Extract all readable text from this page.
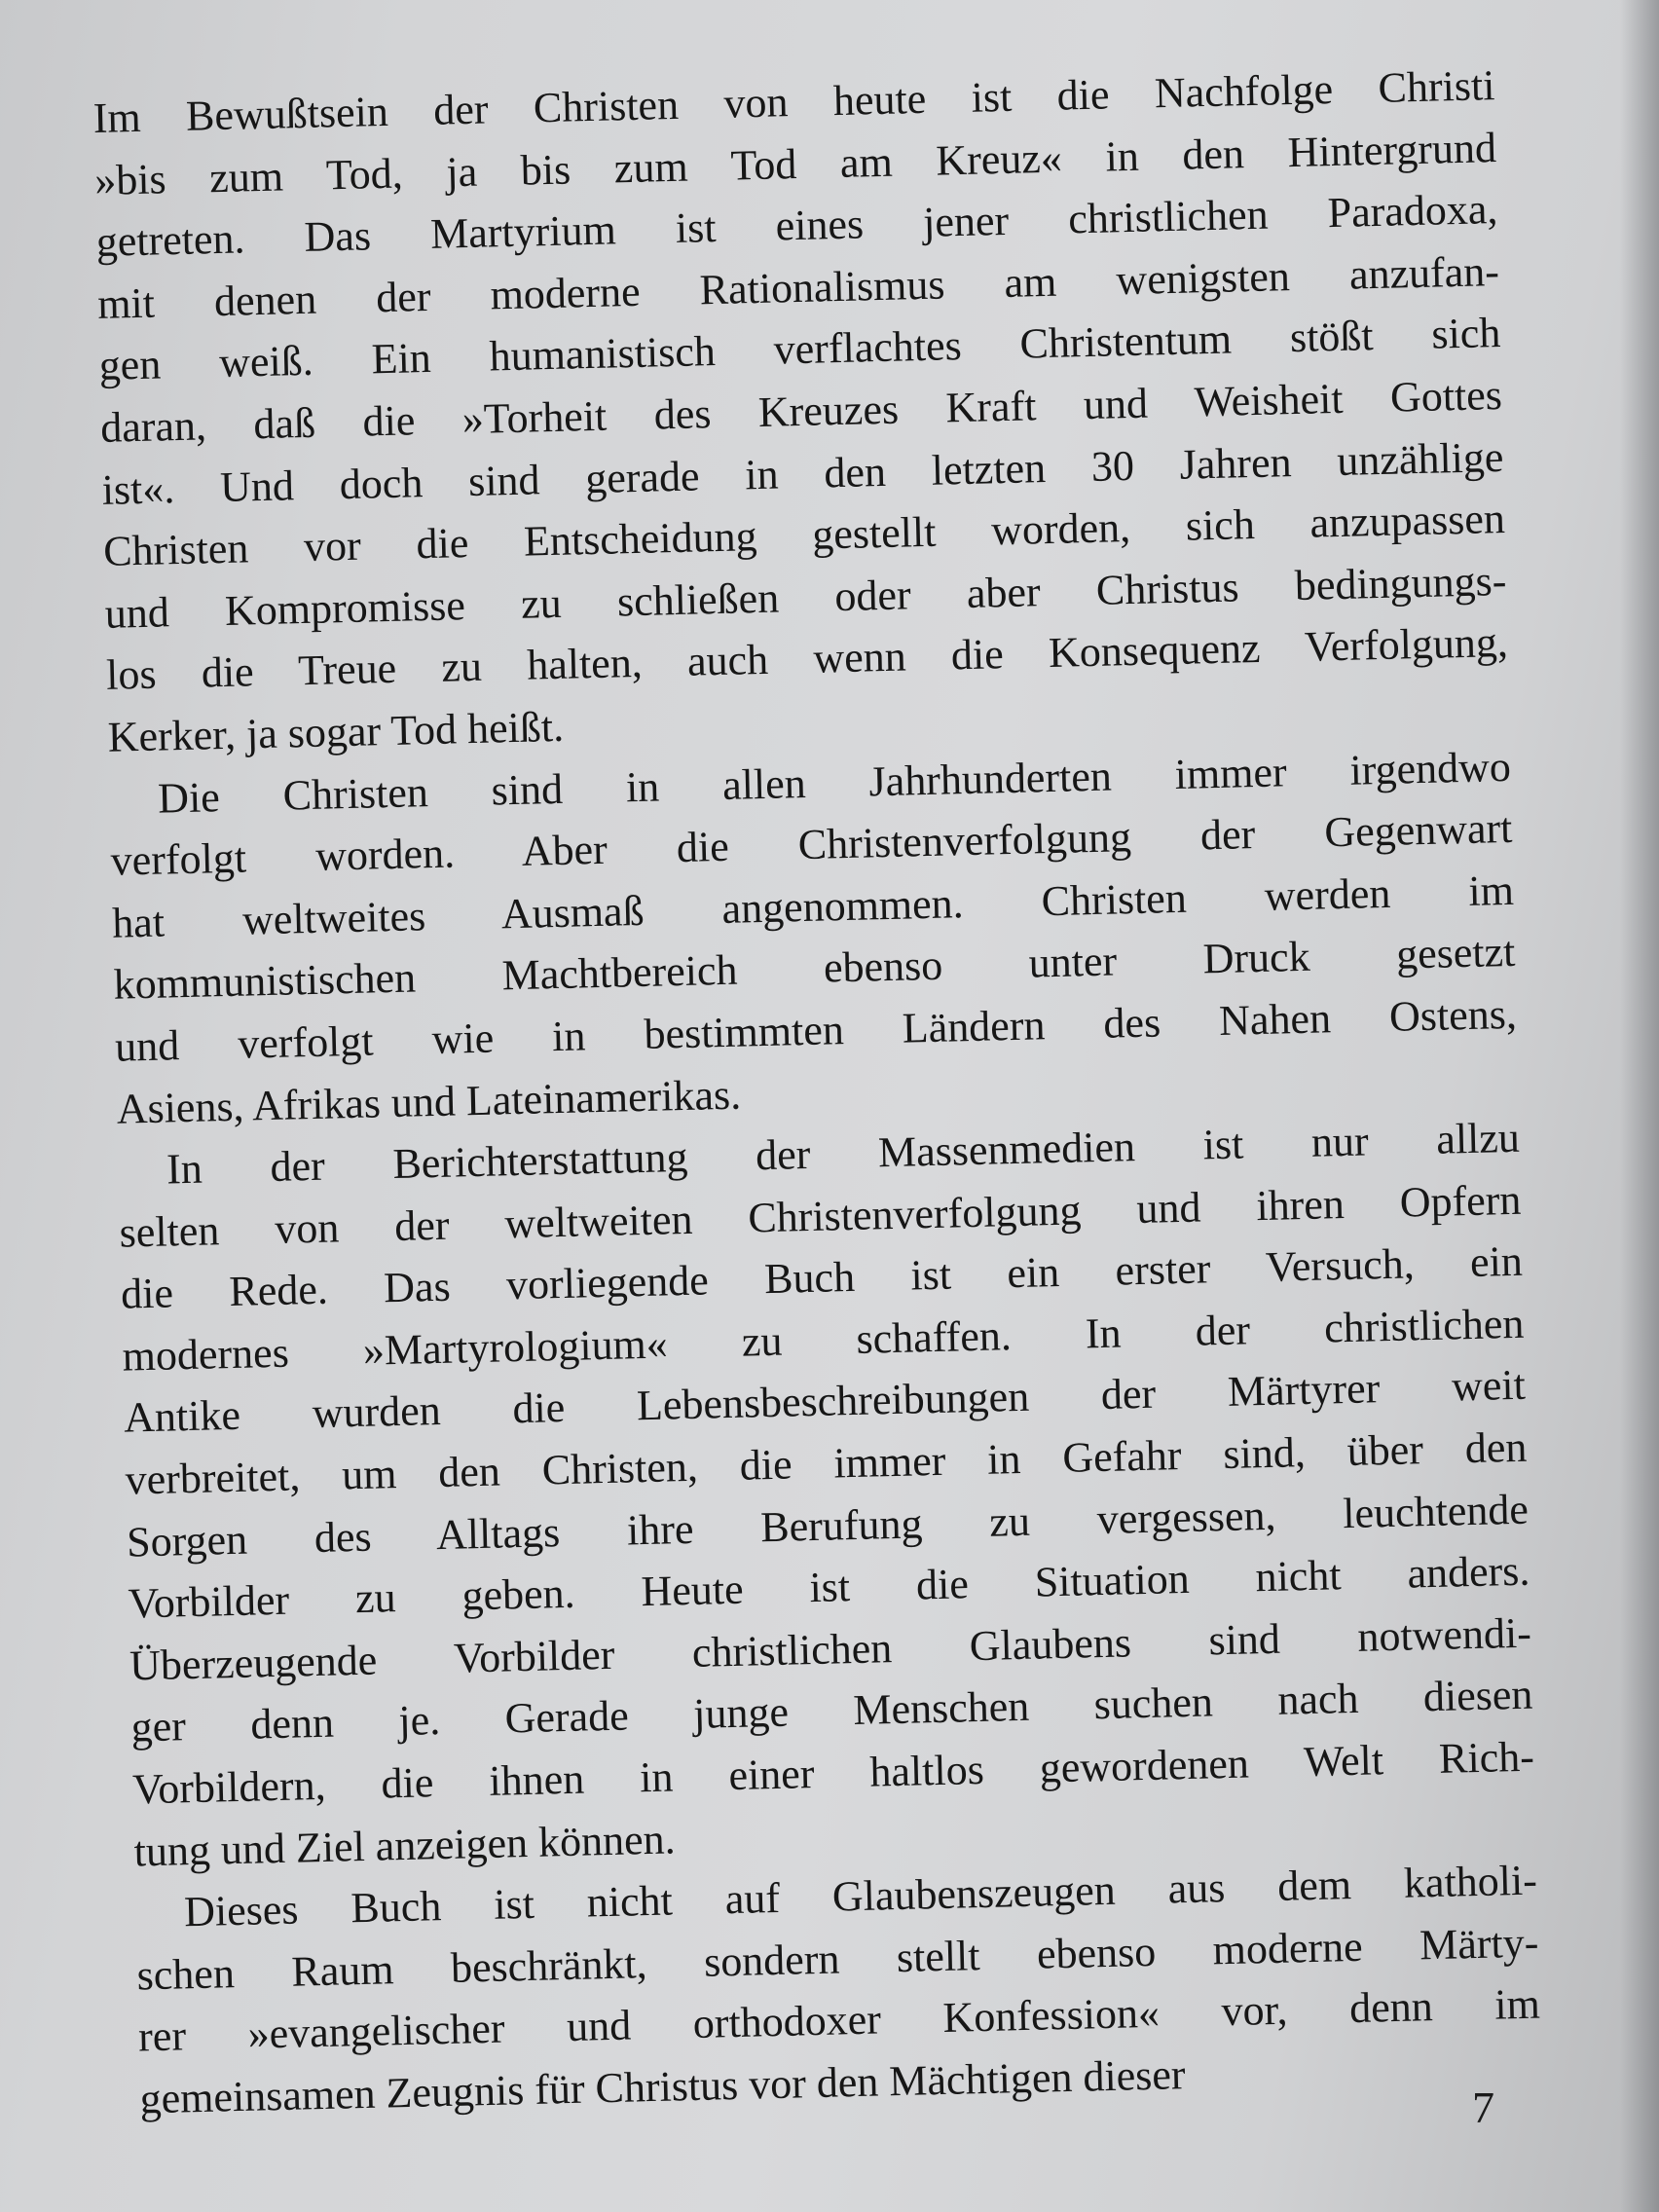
Im Bewußtsein der Christen von heute ist die Nachfolge Christi
»bis zum Tod, ja bis zum Tod am Kreuz« in den Hintergrund
getreten. Das Martyrium ist eines jener christlichen Paradoxa,
mit denen der moderne Rationalismus am wenigsten anzufan-
gen weiß. Ein humanistisch verflachtes Christentum stößt sich
daran, daß die »Torheit des Kreuzes Kraft und Weisheit Gottes
ist«. Und doch sind gerade in den letzten 30 Jahren unzählige
Christen vor die Entscheidung gestellt worden, sich anzupassen
und Kompromisse zu schließen oder aber Christus bedingungs-
los die Treue zu halten, auch wenn die Konsequenz Verfolgung,
Kerker, ja sogar Tod heißt.
Die Christen sind in allen Jahrhunderten immer irgendwo
verfolgt worden. Aber die Christenverfolgung der Gegenwart
hat weltweites Ausmaß angenommen. Christen werden im
kommunistischen Machtbereich ebenso unter Druck gesetzt
und verfolgt wie in bestimmten Ländern des Nahen Ostens,
Asiens, Afrikas und Lateinamerikas.
In der Berichterstattung der Massenmedien ist nur allzu
selten von der weltweiten Christenverfolgung und ihren Opfern
die Rede. Das vorliegende Buch ist ein erster Versuch, ein
modernes »Martyrologium« zu schaffen. In der christlichen
Antike wurden die Lebensbeschreibungen der Märtyrer weit
verbreitet, um den Christen, die immer in Gefahr sind, über den
Sorgen des Alltags ihre Berufung zu vergessen, leuchtende
Vorbilder zu geben. Heute ist die Situation nicht anders.
Überzeugende Vorbilder christlichen Glaubens sind notwendi-
ger denn je. Gerade junge Menschen suchen nach diesen
Vorbildern, die ihnen in einer haltlos gewordenen Welt Rich-
tung und Ziel anzeigen können.
Dieses Buch ist nicht auf Glaubenszeugen aus dem katholi-
schen Raum beschränkt, sondern stellt ebenso moderne Märty-
rer »evangelischer und orthodoxer Konfession« vor, denn im
gemeinsamen Zeugnis für Christus vor den Mächtigen dieser	7
